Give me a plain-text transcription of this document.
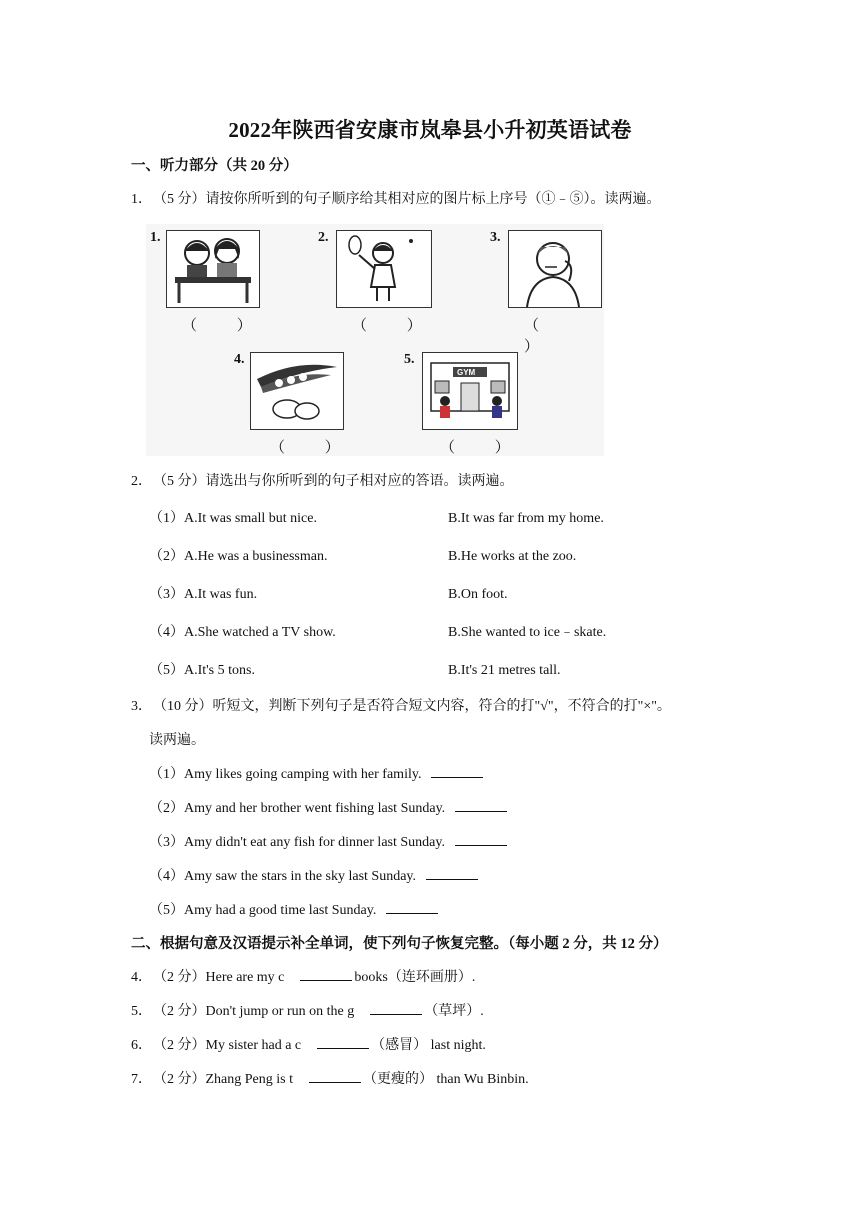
2022年陕西省安康市岚皋县小升初英语试卷
一、听力部分（共 20 分）
1．（5 分）请按你所听到的句子顺序给其相对应的图片标上序号（①﹣⑤）。读两遍。
1.
（ ）
2.
（ ）
3.
（ ）
4.
（ ）
5.
GYM
（ ）
2．（5 分）请选出与你所听到的句子相对应的答语。读两遍。
（1）A.It was small but nice.	B.It was far from my home.
（2）A.He was a businessman.	B.He works at the zoo.
（3）A.It was fun.	B.On foot.
（4）A.She watched a TV show.	B.She wanted to ice﹣skate.
（5）A.It's 5 tons.	B.It's 21 metres tall.
3．（10 分）听短文，判断下列句子是否符合短文内容，符合的打"√"，不符合的打"×"。
读两遍。
（1）Amy likes going camping with her family.
（2）Amy and her brother went fishing last Sunday.
（3）Amy didn't eat any fish for dinner last Sunday.
（4）Amy saw the stars in the sky last Sunday.
（5）Amy had a good time last Sunday.
二、根据句意及汉语提示补全单词，使下列句子恢复完整。（每小题 2 分，共 12 分）
4．（2 分）Here are my c	books（连环画册）.
5．（2 分）Don't jump or run on the g	（草坪）.
6．（2 分）My sister had a c	（感冒） last night.
7．（2 分）Zhang Peng is t	（更瘦的） than Wu Binbin.
